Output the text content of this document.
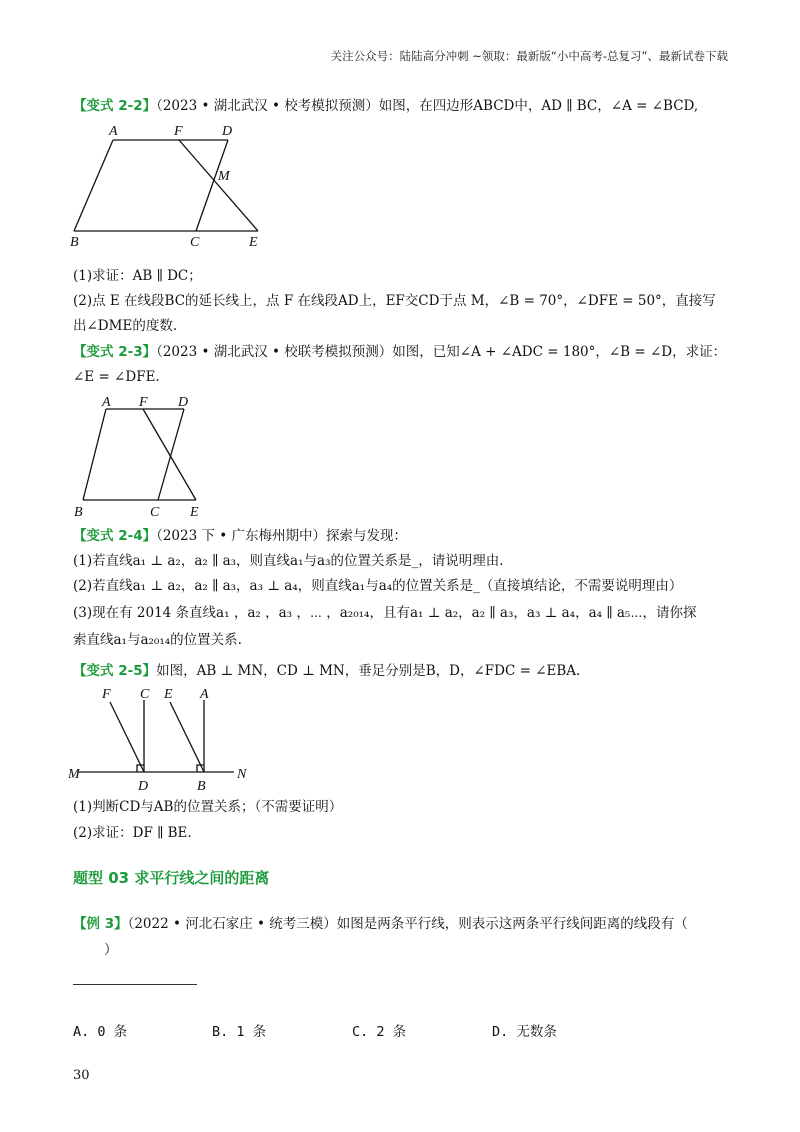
关注公众号：陆陆高分冲刺 ~领取：最新版“小中高考-总复习”、最新试卷下载
【变式 2-2】（2023 • 湖北武汉 • 校考模拟预测）如图，在四边形ABCD中，AD ∥ BC，∠A = ∠BCD,
A	F	D
M
B	C	E
(1)求证：AB ∥ DC；
(2)点 E 在线段BC的延长线上，点 F 在线段AD上，EF交CD于点 M，∠B = 70°，∠DFE = 50°，直接写
出∠DME的度数.
【变式 2-3】（2023 • 湖北武汉 • 校联考模拟预测）如图，已知∠A + ∠ADC = 180°，∠B = ∠D，求证：
∠E = ∠DFE.
A F D
B	C E
【变式 2-4】（2023 下 • 广东梅州期中）探索与发现：
(1)若直线a₁ ⊥ a₂，a₂ ∥ a₃，则直线a₁与a₃的位置关系是_，请说明理由.
(2)若直线a₁ ⊥ a₂，a₂ ∥ a₃，a₃ ⊥ a₄，则直线a₁与a₄的位置关系是_（直接填结论，不需要说明理由）
(3)现在有 2014 条直线a₁ ，a₂ ，a₃ ，⋯ ，a₂₀₁₄，且有a₁ ⊥ a₂，a₂ ∥ a₃，a₃ ⊥ a₄，a₄ ∥ a₅⋯，请你探
索直线a₁与a₂₀₁₄的位置关系.
【变式 2-5】如图，AB ⊥ MN，CD ⊥ MN，垂足分别是B，D，∠FDC = ∠EBA.
F C E A
M
D	B
N
(1)判断CD与AB的位置关系；（不需要证明）
(2)求证：DF ∥ BE.
题型 03 求平行线之间的距离
【例 3】（2022 • 河北石家庄 • 统考三模）如图是两条平行线，则表示这两条平行线间距离的线段有（
）
A. 0 条	B. 1 条	C. 2 条	D. 无数条
30
